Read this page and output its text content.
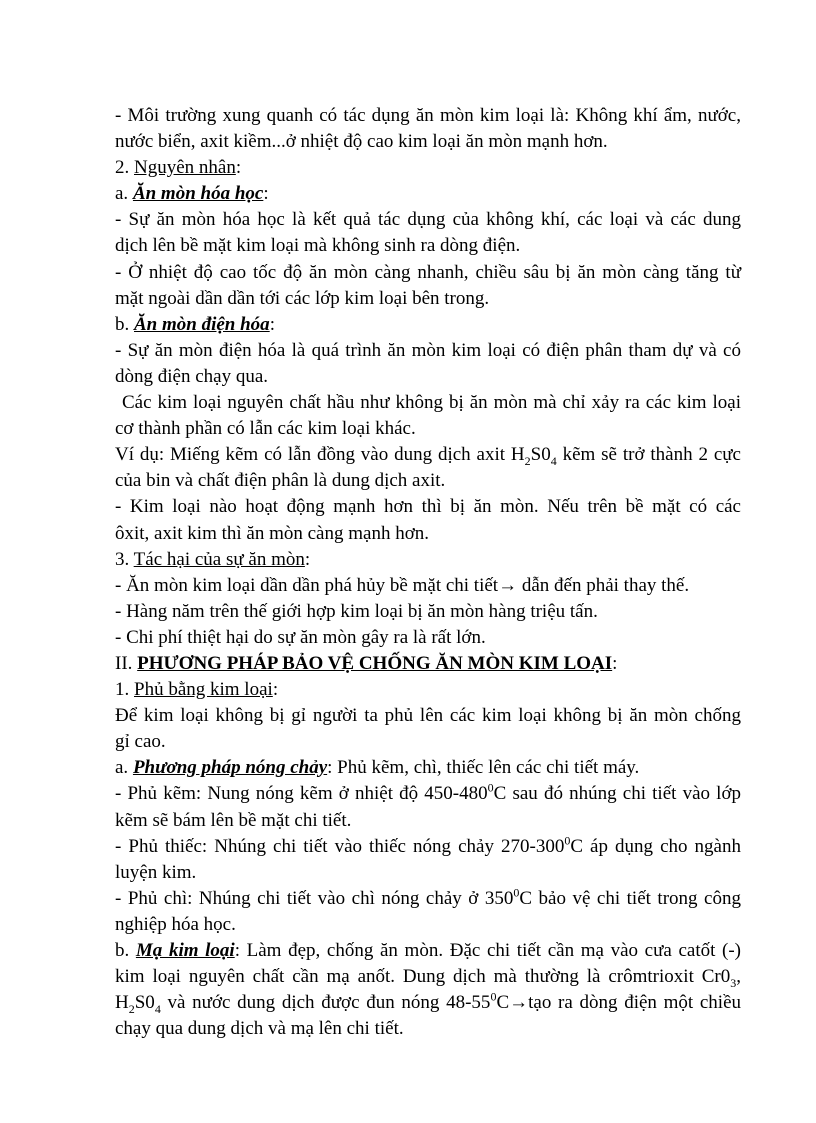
- Môi trường xung quanh có tác dụng ăn mòn kim loại là: Không khí ẩm, nước,

nước biển, axit kiềm...ở nhiệt độ cao kim loại ăn mòn mạnh hơn.

2. Nguyên nhân:

a. Ăn mòn hóa học:

- Sự ăn mòn hóa học là kết quả tác dụng của không khí, các loại và các dung

dịch lên bề mặt kim loại mà không sinh ra dòng điện.

- Ở nhiệt độ cao tốc độ ăn mòn càng nhanh, chiều sâu bị ăn mòn càng tăng từ

mặt ngoài dần dần tới các lớp kim loại bên trong.

b. Ăn mòn điện hóa:

- Sự ăn mòn điện hóa là quá trình ăn mòn kim loại có điện phân tham dự và có

dòng điện chạy qua.

Các kim loại nguyên chất hầu như không bị ăn mòn mà chỉ xảy ra các kim loại

cơ thành phần có lẫn các kim loại khác.

Ví dụ: Miếng kẽm có lẫn đồng vào dung dịch axit $H_2S0_4$ kẽm sẽ trở thành 2 cực

của bin và chất điện phân là dung dịch axit.

- Kim loại nào hoạt động mạnh hơn thì bị ăn mòn. Nếu trên bề mặt có các

ôxit, axit kim thì ăn mòn càng mạnh hơn.

3. Tác hại của sự ăn mòn:

- Ăn mòn kim loại dần dần phá hủy bề mặt chi tiết→ dẫn đến phải thay thế.

- Hàng năm trên thế giới hợp kim loại bị ăn mòn hàng triệu tấn.

- Chi phí thiệt hại do sự ăn mòn gây ra là rất lớn.

II. PHƯƠNG PHÁP BẢO VỆ CHỐNG ĂN MÒN KIM LOẠI:

1. Phủ bằng kim loại:

Để kim loại không bị gỉ người ta phủ lên các kim loại không bị ăn mòn chống

gỉ cao.

a. Phương pháp nóng chảy: Phủ kẽm, chì, thiếc lên các chi tiết máy.

- Phủ kẽm: Nung nóng kẽm ở nhiệt độ $450-480^0C$ sau đó nhúng chi tiết vào lớp

kẽm sẽ bám lên bề mặt chi tiết.

- Phủ thiếc: Nhúng chi tiết vào thiếc nóng chảy $270-300^0C$ áp dụng cho ngành

luyện kim.

- Phủ chì: Nhúng chi tiết vào chì nóng chảy ở $350^0C$ bảo vệ chi tiết trong công

nghiệp hóa học.

b. Mạ kim loại: Làm đẹp, chống ăn mòn. Đặc chi tiết cần mạ vào cưa catốt (-)

kim loại nguyên chất cần mạ anốt. Dung dịch mà thường là crômtrioxit $Cr0_3$,

$H_2S0_4$ và nước dung dịch được đun nóng $48-55^0C\to tạo$ ra dòng điện một chiều

chạy qua dung dịch và mạ lên chi tiết.
